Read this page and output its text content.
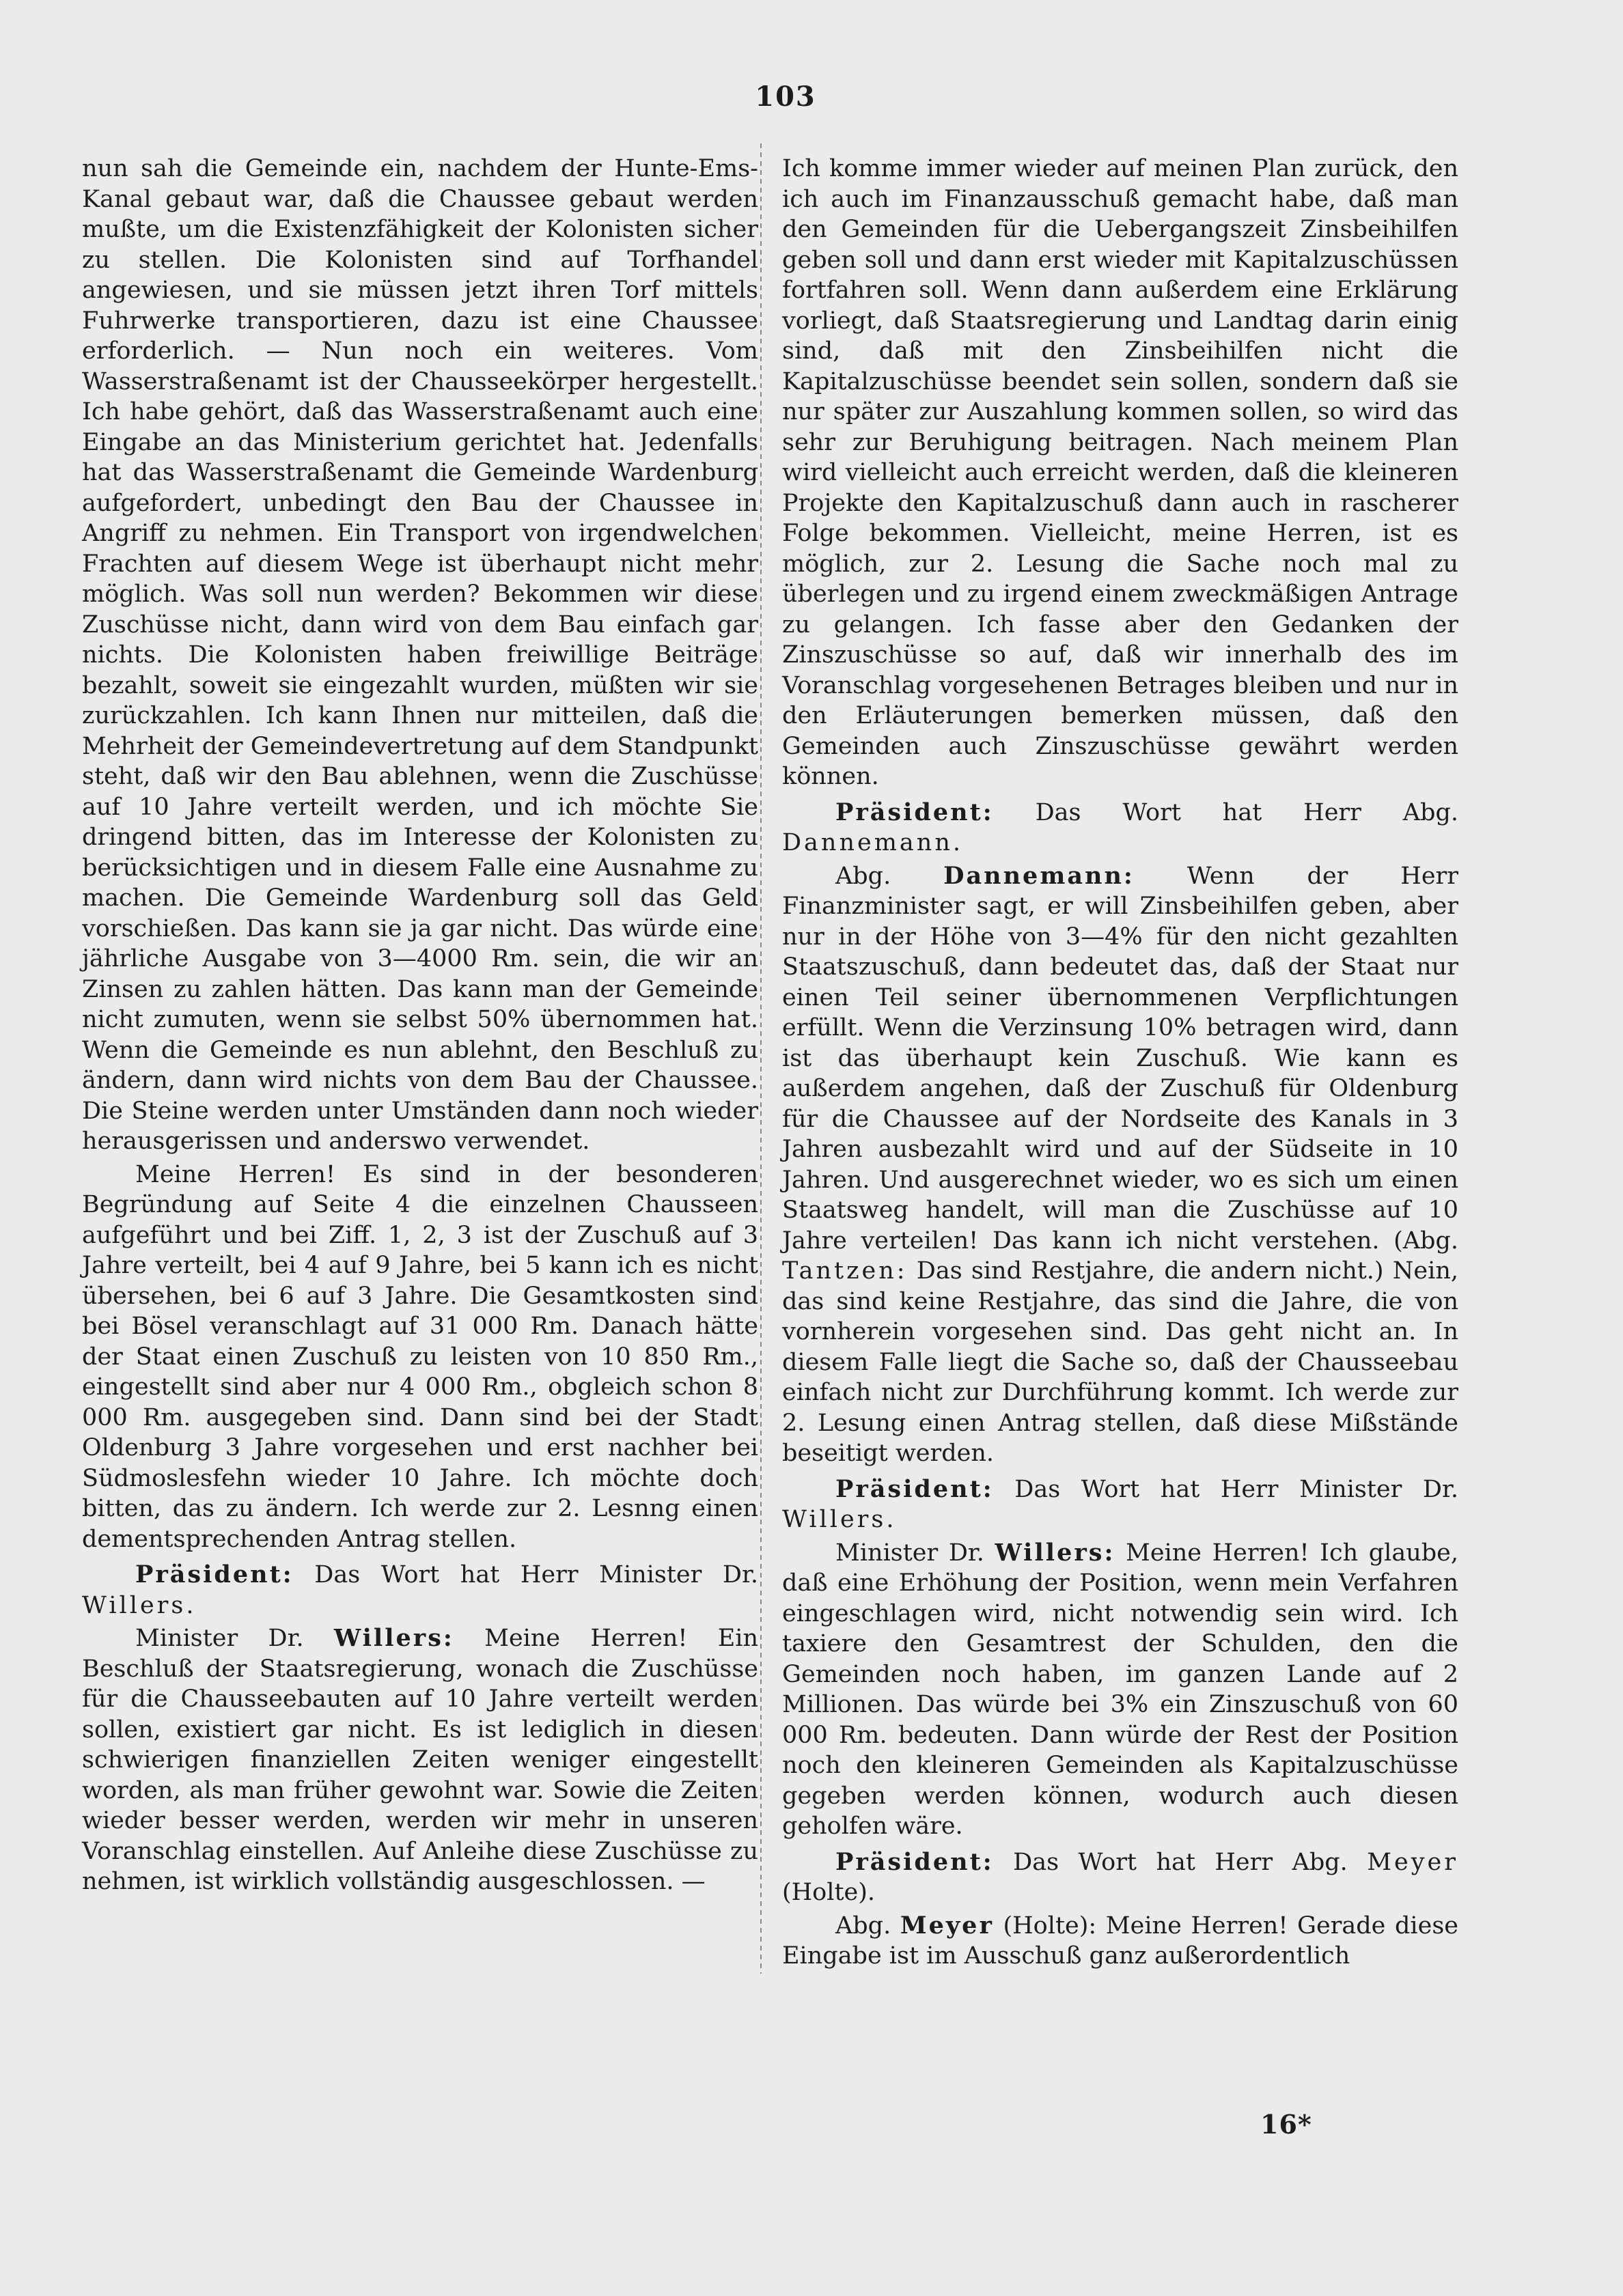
103

nun sah die Gemeinde ein, nachdem der Hunte-Ems-Kanal gebaut war, daß die Chaussee gebaut werden mußte, um die Existenzfähigkeit der Kolonisten sicher zu stellen. Die Kolonisten sind auf Torfhandel angewiesen, und sie müssen jetzt ihren Torf mittels Fuhrwerke transportieren, dazu ist eine Chaussee erforderlich. — Nun noch ein weiteres. Vom Wasserstraßenamt ist der Chausseekörper hergestellt. Ich habe gehört, daß das Wasserstraßenamt auch eine Eingabe an das Ministerium gerichtet hat. Jedenfalls hat das Wasserstraßenamt die Gemeinde Wardenburg aufgefordert, unbedingt den Bau der Chaussee in Angriff zu nehmen. Ein Transport von irgendwelchen Frachten auf diesem Wege ist überhaupt nicht mehr möglich. Was soll nun werden? Bekommen wir diese Zuschüsse nicht, dann wird von dem Bau einfach gar nichts. Die Kolonisten haben freiwillige Beiträge bezahlt, soweit sie eingezahlt wurden, müßten wir sie zurückzahlen. Ich kann Ihnen nur mitteilen, daß die Mehrheit der Gemeindevertretung auf dem Standpunkt steht, daß wir den Bau ablehnen, wenn die Zuschüsse auf 10 Jahre verteilt werden, und ich möchte Sie dringend bitten, das im Interesse der Kolonisten zu berücksichtigen und in diesem Falle eine Ausnahme zu machen. Die Gemeinde Wardenburg soll das Geld vorschießen. Das kann sie ja gar nicht. Das würde eine jährliche Ausgabe von 3—4000 Rm. sein, die wir an Zinsen zu zahlen hätten. Das kann man der Gemeinde nicht zumuten, wenn sie selbst 50% übernommen hat. Wenn die Gemeinde es nun ablehnt, den Beschluß zu ändern, dann wird nichts von dem Bau der Chaussee. Die Steine werden unter Umständen dann noch wieder herausgerissen und anderswo verwendet.

Meine Herren! Es sind in der besonderen Begründung auf Seite 4 die einzelnen Chausseen aufgeführt und bei Ziff. 1, 2, 3 ist der Zuschuß auf 3 Jahre verteilt, bei 4 auf 9 Jahre, bei 5 kann ich es nicht übersehen, bei 6 auf 3 Jahre. Die Gesamtkosten sind bei Bösel veranschlagt auf 31 000 Rm. Danach hätte der Staat einen Zuschuß zu leisten von 10 850 Rm., eingestellt sind aber nur 4 000 Rm., obgleich schon 8 000 Rm. ausgegeben sind. Dann sind bei der Stadt Oldenburg 3 Jahre vorgesehen und erst nachher bei Südmoslesfehn wieder 10 Jahre. Ich möchte doch bitten, das zu ändern. Ich werde zur 2. Lesnng einen dementsprechenden Antrag stellen.

Präsident: Das Wort hat Herr Minister Dr. Willers.

Minister Dr. Willers: Meine Herren! Ein Beschluß der Staatsregierung, wonach die Zuschüsse für die Chausseebauten auf 10 Jahre verteilt werden sollen, existiert gar nicht. Es ist lediglich in diesen schwierigen finanziellen Zeiten weniger eingestellt worden, als man früher gewohnt war. Sowie die Zeiten wieder besser werden, werden wir mehr in unseren Voranschlag einstellen. Auf Anleihe diese Zuschüsse zu nehmen, ist wirklich vollständig ausgeschlossen. —

Ich komme immer wieder auf meinen Plan zurück, den ich auch im Finanzausschuß gemacht habe, daß man den Gemeinden für die Uebergangszeit Zinsbeihilfen geben soll und dann erst wieder mit Kapitalzuschüssen fortfahren soll. Wenn dann außerdem eine Erklärung vorliegt, daß Staatsregierung und Landtag darin einig sind, daß mit den Zinsbeihilfen nicht die Kapitalzuschüsse beendet sein sollen, sondern daß sie nur später zur Auszahlung kommen sollen, so wird das sehr zur Beruhigung beitragen. Nach meinem Plan wird vielleicht auch erreicht werden, daß die kleineren Projekte den Kapitalzuschuß dann auch in rascherer Folge bekommen. Vielleicht, meine Herren, ist es möglich, zur 2. Lesung die Sache noch mal zu überlegen und zu irgend einem zweckmäßigen Antrage zu gelangen. Ich fasse aber den Gedanken der Zinszuschüsse so auf, daß wir innerhalb des im Voranschlag vorgesehenen Betrages bleiben und nur in den Erläuterungen bemerken müssen, daß den Gemeinden auch Zinszuschüsse gewährt werden können.

Präsident: Das Wort hat Herr Abg. Dannemann.

Abg. Dannemann: Wenn der Herr Finanzminister sagt, er will Zinsbeihilfen geben, aber nur in der Höhe von 3—4% für den nicht gezahlten Staatszuschuß, dann bedeutet das, daß der Staat nur einen Teil seiner übernommenen Verpflichtungen erfüllt. Wenn die Verzinsung 10% betragen wird, dann ist das überhaupt kein Zuschuß. Wie kann es außerdem angehen, daß der Zuschuß für Oldenburg für die Chaussee auf der Nordseite des Kanals in 3 Jahren ausbezahlt wird und auf der Südseite in 10 Jahren. Und ausgerechnet wieder, wo es sich um einen Staatsweg handelt, will man die Zuschüsse auf 10 Jahre verteilen! Das kann ich nicht verstehen. (Abg. Tantzen: Das sind Restjahre, die andern nicht.) Nein, das sind keine Restjahre, das sind die Jahre, die von vornherein vorgesehen sind. Das geht nicht an. In diesem Falle liegt die Sache so, daß der Chausseebau einfach nicht zur Durchführung kommt. Ich werde zur 2. Lesung einen Antrag stellen, daß diese Mißstände beseitigt werden.

Präsident: Das Wort hat Herr Minister Dr. Willers.

Minister Dr. Willers: Meine Herren! Ich glaube, daß eine Erhöhung der Position, wenn mein Verfahren eingeschlagen wird, nicht notwendig sein wird. Ich taxiere den Gesamtrest der Schulden, den die Gemeinden noch haben, im ganzen Lande auf 2 Millionen. Das würde bei 3% ein Zinszuschuß von 60 000 Rm. bedeuten. Dann würde der Rest der Position noch den kleineren Gemeinden als Kapitalzuschüsse gegeben werden können, wodurch auch diesen geholfen wäre.

Präsident: Das Wort hat Herr Abg. Meyer (Holte).

Abg. Meyer (Holte): Meine Herren! Gerade diese Eingabe ist im Ausschuß ganz außerordentlich

16*
